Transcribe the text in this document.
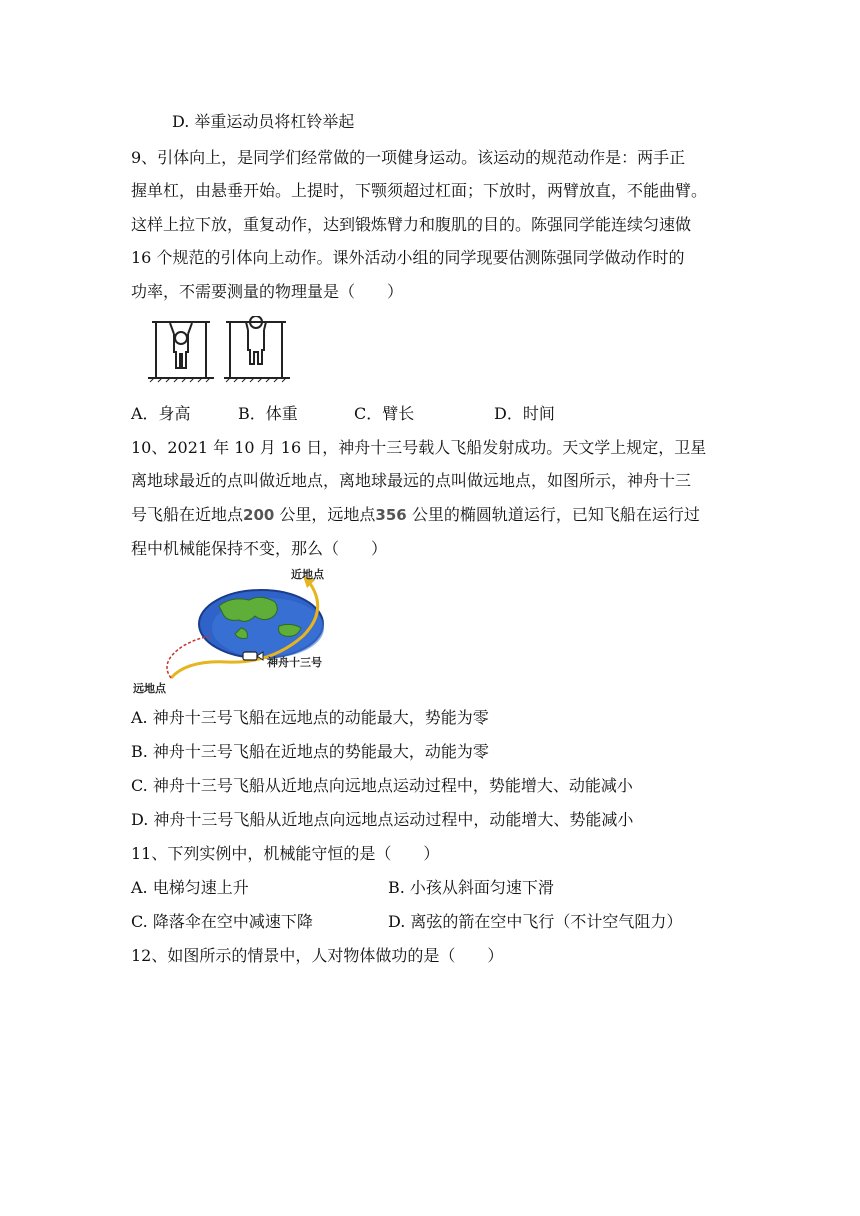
D. 举重运动员将杠铃举起
9、引体向上，是同学们经常做的一项健身运动。该运动的规范动作是：两手正
握单杠，由悬垂开始。上提时，下颚须超过杠面；下放时，两臂放直，不能曲臂。
这样上拉下放，重复动作，达到锻炼臂力和腹肌的目的。陈强同学能连续匀速做
16 个规范的引体向上动作。课外活动小组的同学现要估测陈强同学做动作时的
功率，不需要测量的物理量是（　　）
A．身高	B．体重	C．臂长	D．时间
10、2021 年 10 月 16 日，神舟十三号载人飞船发射成功。天文学上规定，卫星
离地球最近的点叫做近地点，离地球最远的点叫做远地点，如图所示，神舟十三
号飞船在近地点200 公里，远地点356 公里的椭圆轨道运行，已知飞船在运行过
程中机械能保持不变，那么（　　）
近地点
神舟十三号
远地点
A. 神舟十三号飞船在远地点的动能最大，势能为零
B. 神舟十三号飞船在近地点的势能最大，动能为零
C. 神舟十三号飞船从近地点向远地点运动过程中，势能增大、动能减小
D. 神舟十三号飞船从近地点向远地点运动过程中，动能增大、势能减小
11、下列实例中，机械能守恒的是（　　）
A. 电梯匀速上升	B. 小孩从斜面匀速下滑
C. 降落伞在空中减速下降	D. 离弦的箭在空中飞行（不计空气阻力）
12、如图所示的情景中，人对物体做功的是（　　）
